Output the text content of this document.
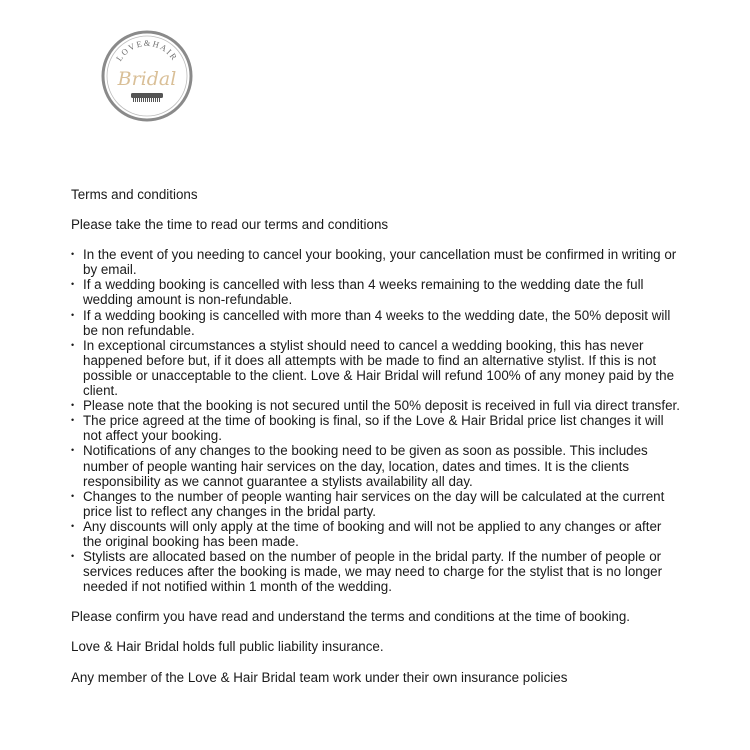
LOVE&HAIR
Bridal

Terms and conditions

Please take the time to read our terms and conditions

• In the event of you needing to cancel your booking, your cancellation must be confirmed in writing or by email.
• If a wedding booking is cancelled with less than 4 weeks remaining to the wedding date the full wedding amount is non-refundable.
• If a wedding booking is cancelled with more than 4 weeks to the wedding date, the 50% deposit will be non refundable.
• In exceptional circumstances a stylist should need to cancel a wedding booking, this has never happened before but, if it does all attempts with be made to find an alternative stylist. If this is not possible or unacceptable to the client. Love & Hair Bridal will refund 100% of any money paid by the client.
• Please note that the booking is not secured until the 50% deposit is received in full via direct transfer.
• The price agreed at the time of booking is final, so if the Love & Hair Bridal price list changes it will not affect your booking.
• Notifications of any changes to the booking need to be given as soon as possible. This includes number of people wanting hair services on the day, location, dates and times. It is the clients responsibility as we cannot guarantee a stylists availability all day.
• Changes to the number of people wanting hair services on the day will be calculated at the current price list to reflect any changes in the bridal party.
• Any discounts will only apply at the time of booking and will not be applied to any changes or after the original booking has been made.
• Stylists are allocated based on the number of people in the bridal party. If the number of people or services reduces after the booking is made, we may need to charge for the stylist that is no longer needed if not notified within 1 month of the wedding.

Please confirm you have read and understand the terms and conditions at the time of booking.

Love & Hair Bridal holds full public liability insurance.

Any member of the Love & Hair Bridal team work under their own insurance policies
